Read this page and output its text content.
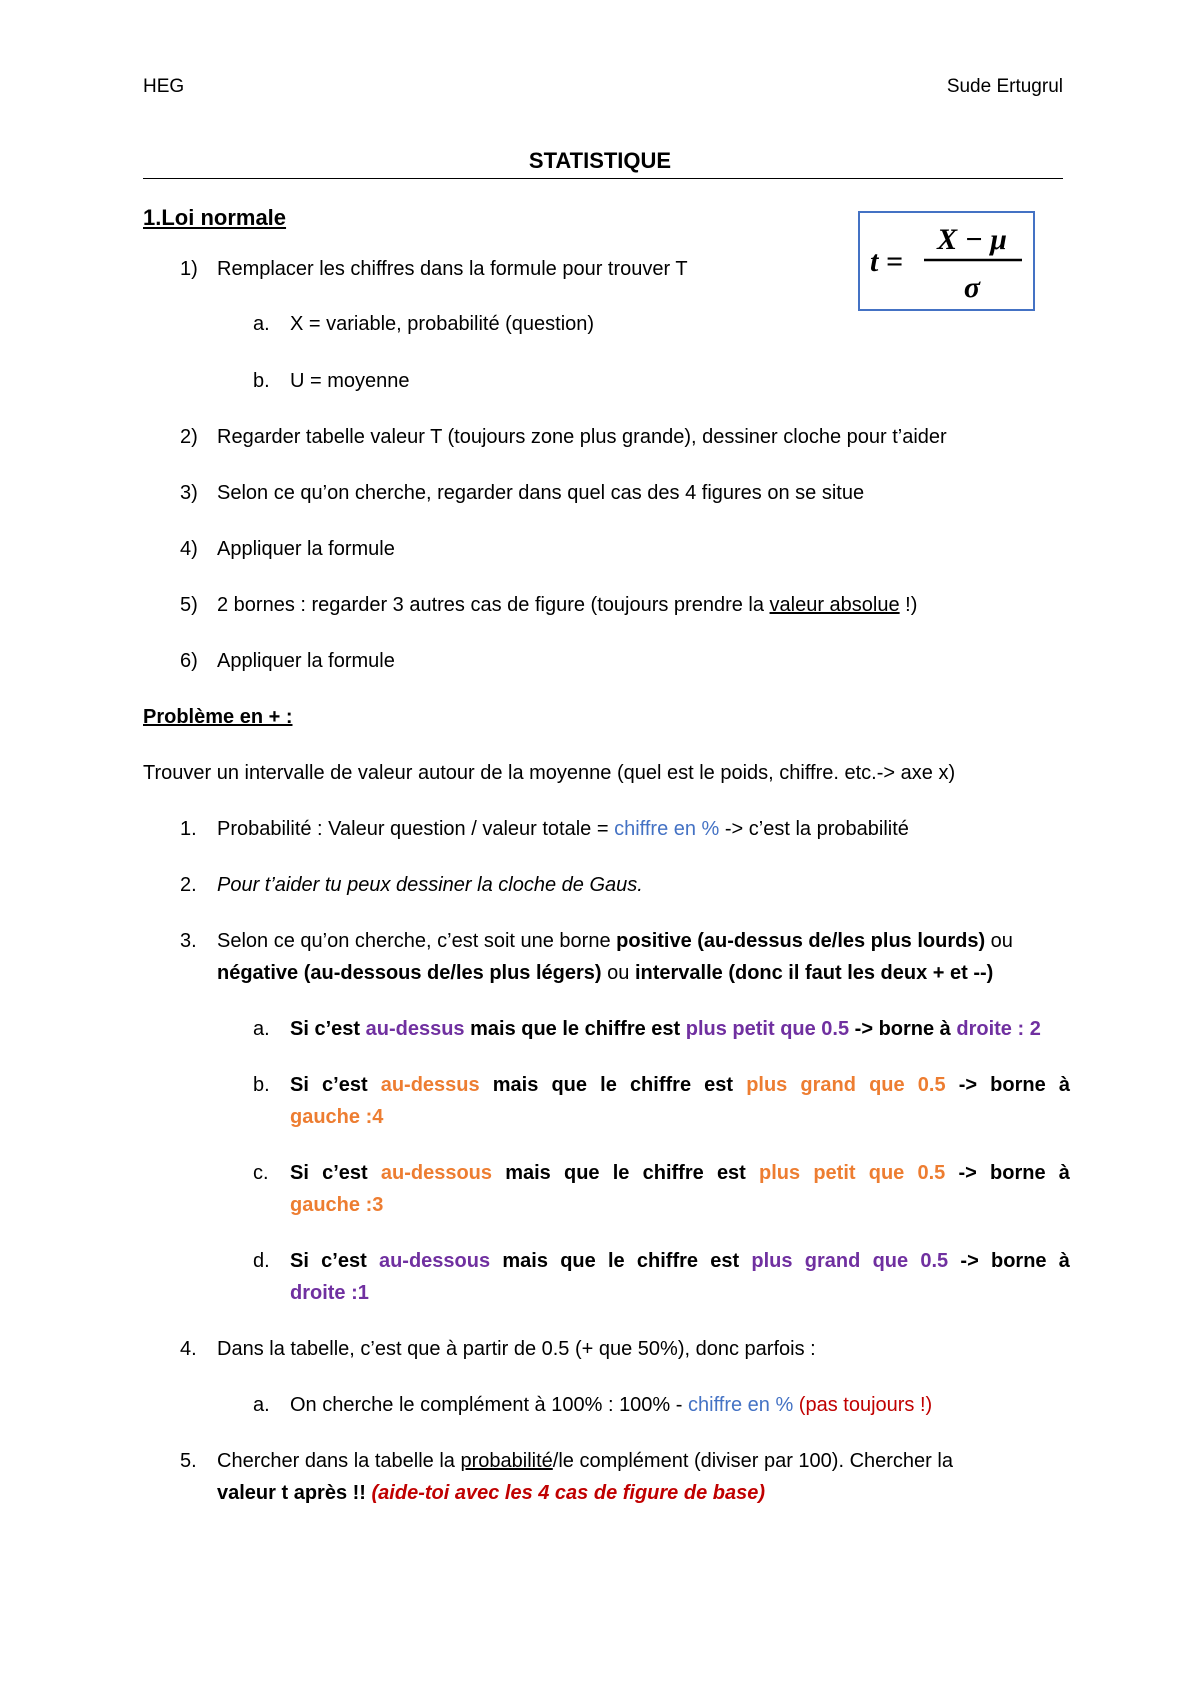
HEG	Sude Ertugrul
STATISTIQUE
1.Loi normale
t =
X − μ
σ
1) Remplacer les chiffres dans la formule pour trouver T
a. X = variable, probabilité (question)
b. U = moyenne
2) Regarder tabelle valeur T (toujours zone plus grande), dessiner cloche pour t’aider
3) Selon ce qu’on cherche, regarder dans quel cas des 4 figures on se situe
4) Appliquer la formule
5) 2 bornes : regarder 3 autres cas de figure (toujours prendre la valeur absolue !)
6) Appliquer la formule
Problème en + :
Trouver un intervalle de valeur autour de la moyenne (quel est le poids, chiffre. etc.-> axe x)
1. Probabilité : Valeur question / valeur totale = chiffre en % -> c’est la probabilité
2. Pour t’aider tu peux dessiner la cloche de Gaus.
3. Selon ce qu’on cherche, c’est soit une borne positive (au-dessus de/les plus lourds) ou
négative (au-dessous de/les plus légers) ou intervalle (donc il faut les deux + et --)
a. Si c’est au-dessus mais que le chiffre est plus petit que 0.5 -> borne à droite : 2
b. Si c’est au-dessus mais que le chiffre est plus grand que 0.5 -> borne à
gauche :4
c. Si c’est au-dessous mais que le chiffre est plus petit que 0.5 -> borne à
gauche :3
d. Si c’est au-dessous mais que le chiffre est plus grand que 0.5 -> borne à
droite :1
4. Dans la tabelle, c’est que à partir de 0.5 (+ que 50%), donc parfois :
a. On cherche le complément à 100% : 100% - chiffre en % (pas toujours !)
5. Chercher dans la tabelle la probabilité/le complément (diviser par 100). Chercher la
valeur t après !! (aide-toi avec les 4 cas de figure de base)
